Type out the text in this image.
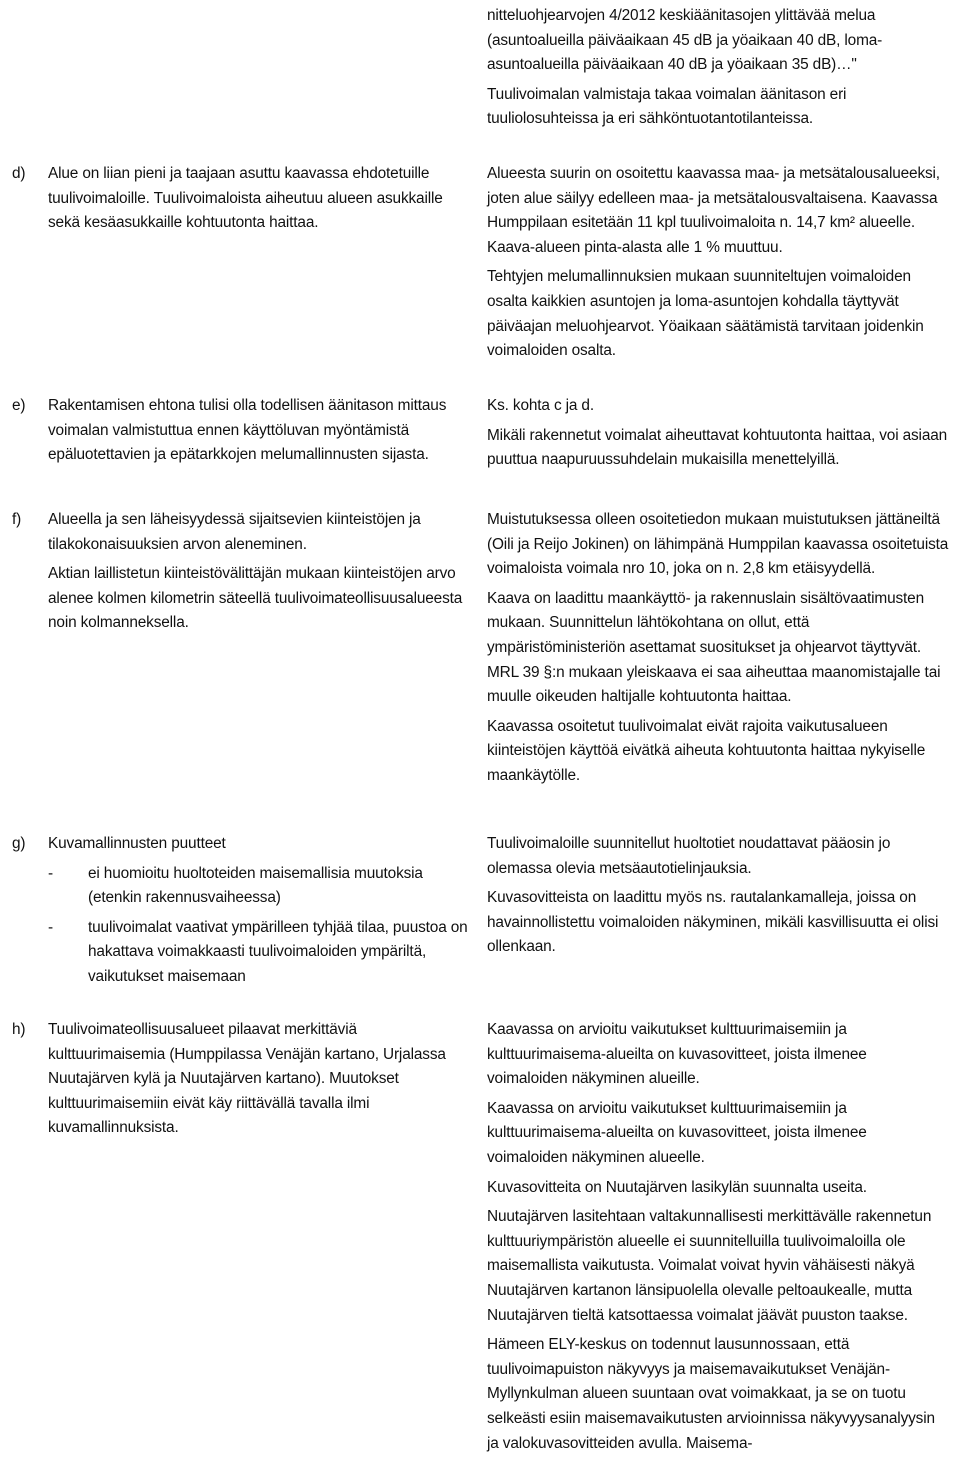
nitteluohjearvojen 4/2012 keskiäänitasojen ylittävää melua (asuntoalueilla päiväaikaan 45 dB ja yöaikaan 40 dB, loma-asuntoalueilla päiväaikaan 40 dB ja yöaikaan 35 dB)…"

Tuulivoimalan valmistaja takaa voimalan äänitason eri tuuliolosuhteissa ja eri sähköntuotantotilanteissa.

d) Alue on liian pieni ja taajaan asuttu kaavassa ehdotetuille tuulivoimaloille. Tuulivoimaloista aiheutuu alueen asukkaille sekä kesäasukkaille kohtuutonta haittaa.

Alueesta suurin on osoitettu kaavassa maa- ja metsätalousalueeksi, joten alue säilyy edelleen maa- ja metsätalousvaltaisena. Kaavassa Humppilaan esitetään 11 kpl tuulivoimaloita n. 14,7 km² alueelle. Kaava-alueen pinta-alasta alle 1 % muuttuu.

Tehtyjen melumallinnuksien mukaan suunniteltujen voimaloiden osalta kaikkien asuntojen ja loma-asuntojen kohdalla täyttyvät päiväajan meluohjearvot. Yöaikaan säätämistä tarvitaan joidenkin voimaloiden osalta.

e) Rakentamisen ehtona tulisi olla todellisen äänitason mittaus voimalan valmistuttua ennen käyttöluvan myöntämistä epäluotettavien ja epätarkkojen melumallinnusten sijasta.

Ks. kohta c ja d.

Mikäli rakennetut voimalat aiheuttavat kohtuutonta haittaa, voi asiaan puuttua naapuruussuhdelain mukaisilla menettelyillä.

f) Alueella ja sen läheisyydessä sijaitsevien kiinteistöjen ja tilakokonaisuuksien arvon aleneminen.

Aktian laillistetun kiinteistövälittäjän mukaan kiinteistöjen arvo alenee kolmen kilometrin säteellä tuulivoimateollisuusalueesta noin kolmanneksella.

Muistutuksessa olleen osoitetiedon mukaan muistutuksen jättäneiltä (Oili ja Reijo Jokinen) on lähimpänä Humppilan kaavassa osoitetuista voimaloista voimala nro 10, joka on n. 2,8 km etäisyydellä.

Kaava on laadittu maankäyttö- ja rakennuslain sisältövaatimusten mukaan. Suunnittelun lähtökohtana on ollut, että ympäristöministeriön asettamat suositukset ja ohjearvot täyttyvät. MRL 39 §:n mukaan yleiskaava ei saa aiheuttaa maanomistajalle tai muulle oikeuden haltijalle kohtuutonta haittaa.

Kaavassa osoitetut tuulivoimalat eivät rajoita vaikutusalueen kiinteistöjen käyttöä eivätkä aiheuta kohtuutonta haittaa nykyiselle maankäytölle.

g) Kuvamallinnusten puutteet

- ei huomioitu huoltoteiden maisemallisia muutoksia (etenkin rakennusvaiheessa)

- tuulivoimalat vaativat ympärilleen tyhjää tilaa, puustoa on hakattava voimakkaasti tuulivoimaloiden ympäriltä, vaikutukset maisemaan

Tuulivoimaloille suunnitellut huoltotiet noudattavat pääosin jo olemassa olevia metsäautotielinjauksia.

Kuvasovitteista on laadittu myös ns. rautalankamalleja, joissa on havainnollistettu voimaloiden näkyminen, mikäli kasvillisuutta ei olisi ollenkaan.

h) Tuulivoimateollisuusalueet pilaavat merkittäviä kulttuurimaisemia (Humppilassa Venäjän kartano, Urjalassa Nuutajärven kylä ja Nuutajärven kartano). Muutokset kulttuurimaisemiin eivät käy riittävällä tavalla ilmi kuvamallinnuksista.

Kaavassa on arvioitu vaikutukset kulttuurimaisemiin ja kulttuurimaisema-alueilta on kuvasovitteet, joista ilmenee voimaloiden näkyminen alueille.

Kaavassa on arvioitu vaikutukset kulttuurimaisemiin ja kulttuurimaisema-alueilta on kuvasovitteet, joista ilmenee voimaloiden näkyminen alueelle.

Kuvasovitteita on Nuutajärven lasikylän suunnalta useita.

Nuutajärven lasitehtaan valtakunnallisesti merkittävälle rakennetun kulttuuriympäristön alueelle ei suunnitelluilla tuulivoimaloilla ole maisemallista vaikutusta. Voimalat voivat hyvin vähäisesti näkyä Nuutajärven kartanon länsipuolella olevalle peltoaukealle, mutta Nuutajärven tieltä katsottaessa voimalat jäävät puuston taakse.

Hämeen ELY-keskus on todennut lausunnossaan, että tuulivoimapuiston näkyvyys ja maisemavaikutukset Venäjän-Myllynkulman alueen suuntaan ovat voimakkaat, ja se on tuotu selkeästi esiin maisemavaikutusten arvioinnissa näkyvyysanalyysin ja valokuvasovitteiden avulla. Maisema-
